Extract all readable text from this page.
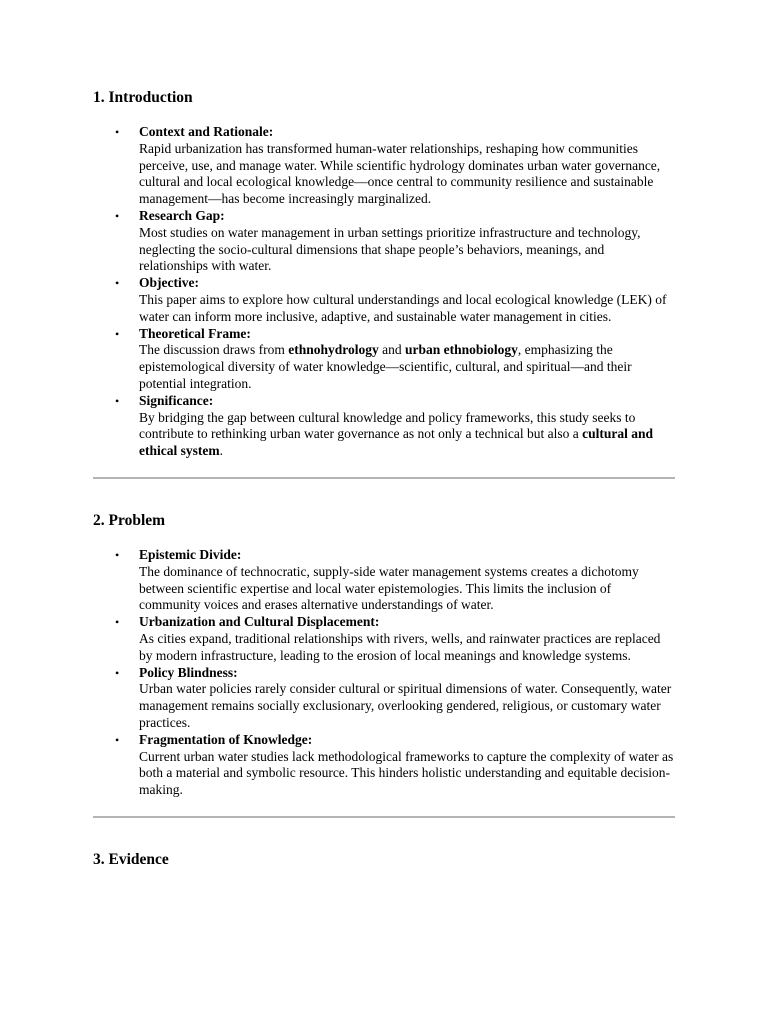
1. Introduction
• Context and Rationale:
Rapid urbanization has transformed human-water relationships, reshaping how communities perceive, use, and manage water. While scientific hydrology dominates urban water governance, cultural and local ecological knowledge—once central to community resilience and sustainable management—has become increasingly marginalized.
• Research Gap:
Most studies on water management in urban settings prioritize infrastructure and technology, neglecting the socio-cultural dimensions that shape people’s behaviors, meanings, and relationships with water.
• Objective:
This paper aims to explore how cultural understandings and local ecological knowledge (LEK) of water can inform more inclusive, adaptive, and sustainable water management in cities.
• Theoretical Frame:
The discussion draws from ethnohydrology and urban ethnobiology, emphasizing the epistemological diversity of water knowledge—scientific, cultural, and spiritual—and their potential integration.
• Significance:
By bridging the gap between cultural knowledge and policy frameworks, this study seeks to contribute to rethinking urban water governance as not only a technical but also a cultural and ethical system.
2. Problem
• Epistemic Divide:
The dominance of technocratic, supply-side water management systems creates a dichotomy between scientific expertise and local water epistemologies. This limits the inclusion of community voices and erases alternative understandings of water.
• Urbanization and Cultural Displacement:
As cities expand, traditional relationships with rivers, wells, and rainwater practices are replaced by modern infrastructure, leading to the erosion of local meanings and knowledge systems.
• Policy Blindness:
Urban water policies rarely consider cultural or spiritual dimensions of water. Consequently, water management remains socially exclusionary, overlooking gendered, religious, or customary water practices.
• Fragmentation of Knowledge:
Current urban water studies lack methodological frameworks to capture the complexity of water as both a material and symbolic resource. This hinders holistic understanding and equitable decision-making.
3. Evidence
